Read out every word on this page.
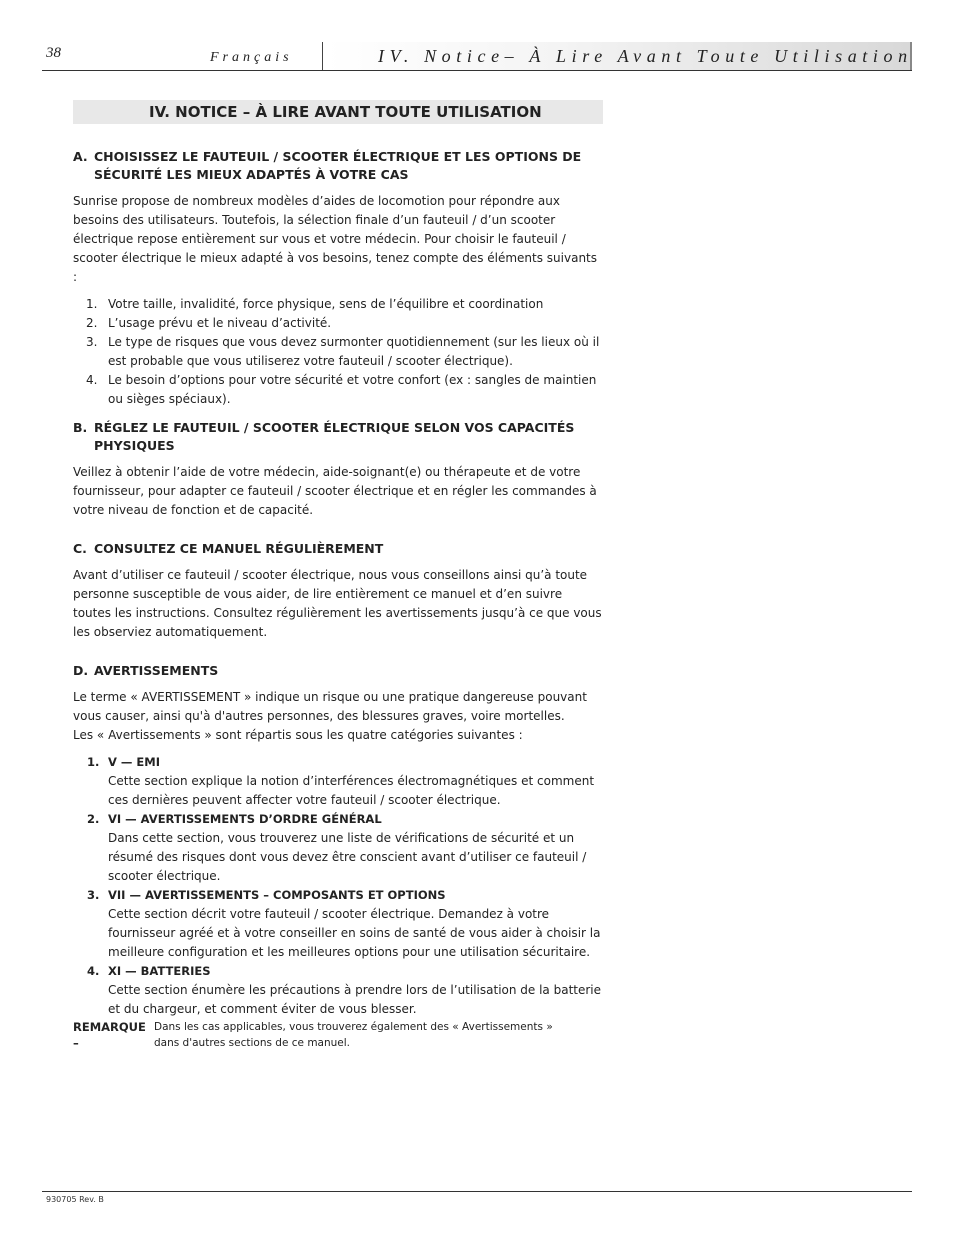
38	Français	IV. Notice– À Lire Avant Toute Utilisation
IV. NOTICE – À LIRE AVANT TOUTE UTILISATION
A. CHOISISSEZ LE FAUTEUIL / SCOOTER ÉLECTRIQUE ET LES OPTIONS DE SÉCURITÉ LES MIEUX ADAPTÉS À VOTRE CAS

Sunrise propose de nombreux modèles d’aides de locomotion pour répondre aux besoins des utilisateurs. Toutefois, la sélection finale d’un fauteuil / d’un scooter électrique repose entièrement sur vous et votre médecin. Pour choisir le fauteuil / scooter électrique le mieux adapté à vos besoins, tenez compte des éléments suivants :

1. Votre taille, invalidité, force physique, sens de l’équilibre et coordination
2. L’usage prévu et le niveau d’activité.
3. Le type de risques que vous devez surmonter quotidiennement (sur les lieux où il est probable que vous utiliserez votre fauteuil / scooter électrique).
4. Le besoin d’options pour votre sécurité et votre confort (ex : sangles de maintien ou sièges spéciaux).
B. RÉGLEZ LE FAUTEUIL / SCOOTER ÉLECTRIQUE SELON VOS CAPACITÉS PHYSIQUES

Veillez à obtenir l’aide de votre médecin, aide-soignant(e) ou thérapeute et de votre fournisseur, pour adapter ce fauteuil / scooter électrique et en régler les commandes à votre niveau de fonction et de capacité.

C. CONSULTEZ CE MANUEL RÉGULIÈREMENT

Avant d’utiliser ce fauteuil / scooter électrique, nous vous conseillons ainsi qu’à toute personne susceptible de vous aider, de lire entièrement ce manuel et d’en suivre toutes les instructions. Consultez régulièrement les avertissements jusqu’à ce que vous les observiez automatiquement.

D. AVERTISSEMENTS

Le terme « AVERTISSEMENT » indique un risque ou une pratique dangereuse pouvant vous causer, ainsi qu'à d'autres personnes, des blessures graves, voire mortelles.

Les « Avertissements » sont répartis sous les quatre catégories suivantes :

1. V — EMI
Cette section explique la notion d’interférences électromagnétiques et comment ces dernières peuvent affecter votre fauteuil / scooter électrique.
2. VI — AVERTISSEMENTS D’ORDRE GÉNÉRAL
Dans cette section, vous trouverez une liste de vérifications de sécurité et un résumé des risques dont vous devez être conscient avant d’utiliser ce fauteuil / scooter électrique.
3. VII — AVERTISSEMENTS – COMPOSANTS ET OPTIONS
Cette section décrit votre fauteuil / scooter électrique. Demandez à votre fournisseur agréé et à votre conseiller en soins de santé de vous aider à choisir la meilleure configuration et les meilleures options pour une utilisation sécuritaire.
4. XI — BATTERIES
Cette section énumère les précautions à prendre lors de l’utilisation de la batterie et du chargeur, et comment éviter de vous blesser.
REMARQUE –
Dans les cas applicables, vous trouverez également des « Avertissements » dans d'autres sections de ce manuel.
930705 Rev. B
